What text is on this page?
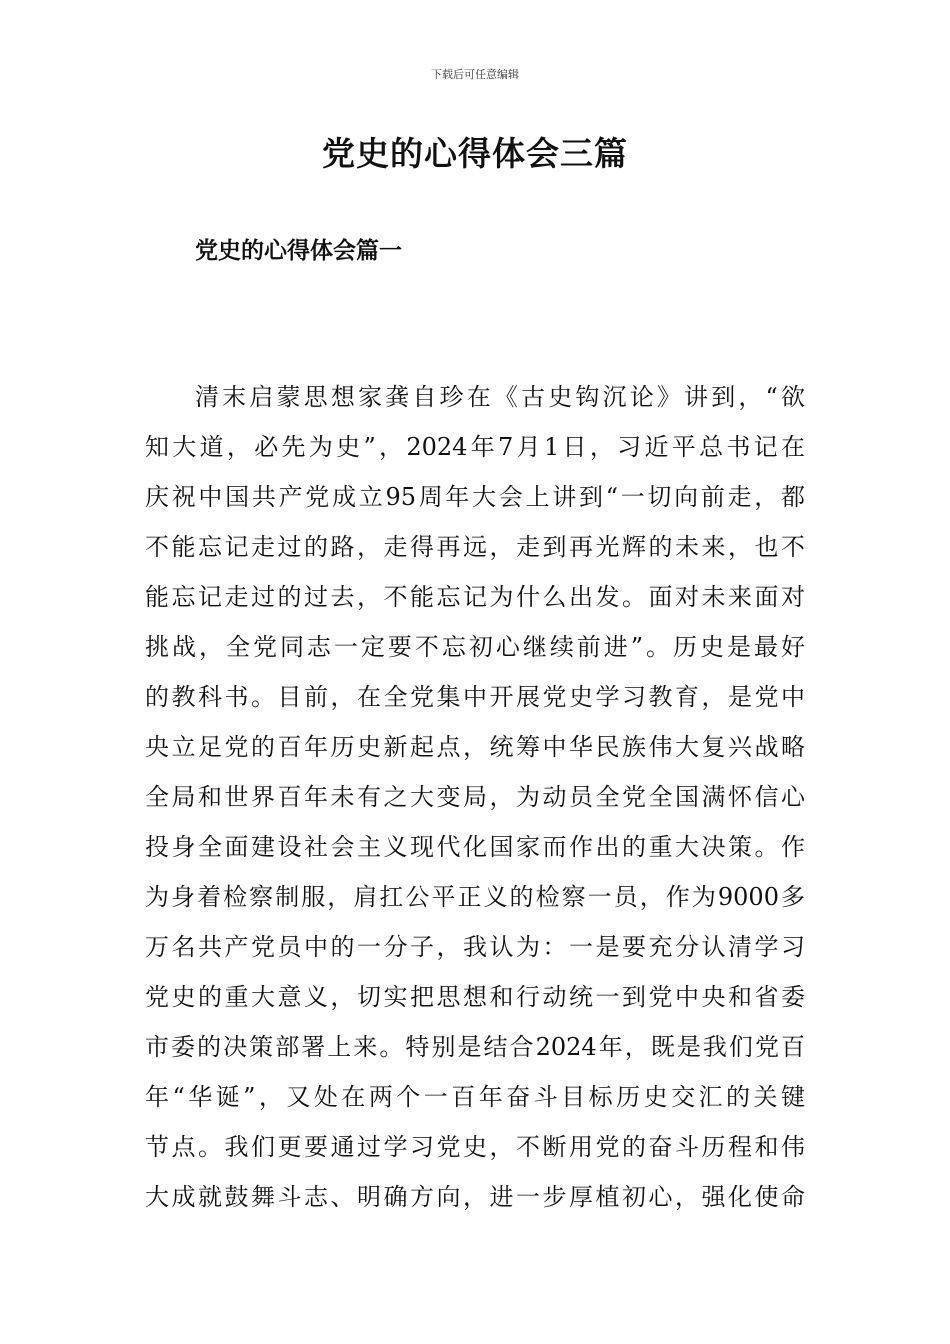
下载后可任意编辑
党史的心得体会三篇
党史的心得体会篇一
清末启蒙思想家龚自珍在《古史钩沉论》讲到，“欲
知大道，必先为史”，2024年7月1日，习近平总书记在
庆祝中国共产党成立95周年大会上讲到“一切向前走，都
不能忘记走过的路，走得再远，走到再光辉的未来，也不
能忘记走过的过去，不能忘记为什么出发。面对未来面对
挑战，全党同志一定要不忘初心继续前进”。历史是最好
的教科书。目前，在全党集中开展党史学习教育，是党中
央立足党的百年历史新起点，统筹中华民族伟大复兴战略
全局和世界百年未有之大变局，为动员全党全国满怀信心
投身全面建设社会主义现代化国家而作出的重大决策。作
为身着检察制服，肩扛公平正义的检察一员，作为9000多
万名共产党员中的一分子，我认为：一是要充分认清学习
党史的重大意义，切实把思想和行动统一到党中央和省委
市委的决策部署上来。特别是结合2024年，既是我们党百
年“华诞”，又处在两个一百年奋斗目标历史交汇的关键
节点。我们更要通过学习党史，不断用党的奋斗历程和伟
大成就鼓舞斗志、明确方向，进一步厚植初心，强化使命
